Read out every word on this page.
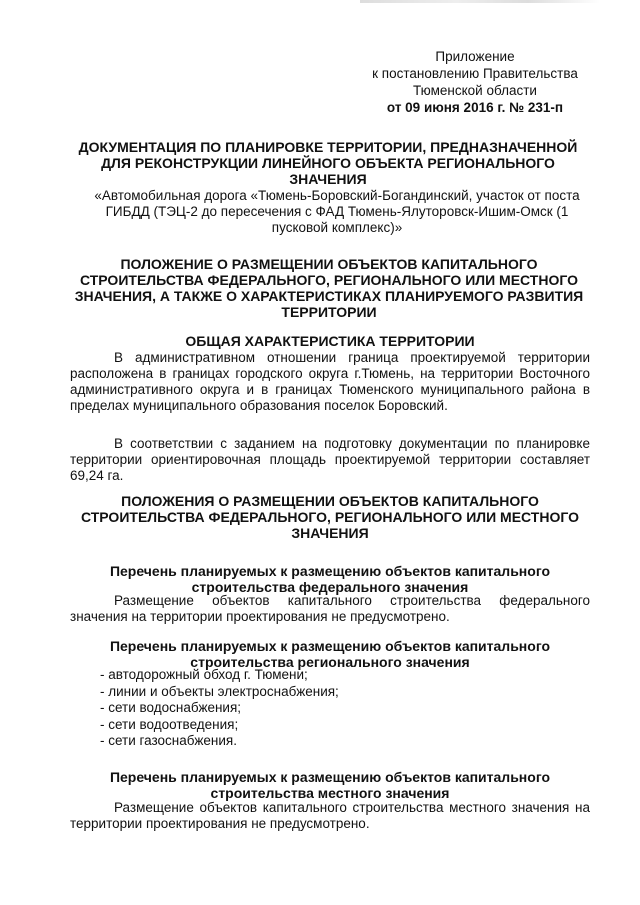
Приложение
к постановлению Правительства
Тюменской области
от 09 июня 2016 г. № 231-п
ДОКУМЕНТАЦИЯ ПО ПЛАНИРОВКЕ ТЕРРИТОРИИ, ПРЕДНАЗНАЧЕННОЙ ДЛЯ РЕКОНСТРУКЦИИ ЛИНЕЙНОГО ОБЪЕКТА РЕГИОНАЛЬНОГО ЗНАЧЕНИЯ
«Автомобильная дорога «Тюмень-Боровский-Богандинский, участок от поста ГИБДД (ТЭЦ-2 до пересечения с ФАД Тюмень-Ялуторовск-Ишим-Омск (1 пусковой комплекс)»
ПОЛОЖЕНИЕ О РАЗМЕЩЕНИИ ОБЪЕКТОВ КАПИТАЛЬНОГО СТРОИТЕЛЬСТВА ФЕДЕРАЛЬНОГО, РЕГИОНАЛЬНОГО ИЛИ МЕСТНОГО ЗНАЧЕНИЯ, А ТАКЖЕ О ХАРАКТЕРИСТИКАХ ПЛАНИРУЕМОГО РАЗВИТИЯ ТЕРРИТОРИИ
ОБЩАЯ ХАРАКТЕРИСТИКА ТЕРРИТОРИИ
В административном отношении граница проектируемой территории расположена в границах городского округа г.Тюмень, на территории Восточного административного округа и в границах Тюменского муниципального района в пределах муниципального образования поселок Боровский.
В соответствии с заданием на подготовку документации по планировке территории ориентировочная площадь проектируемой территории составляет 69,24 га.
ПОЛОЖЕНИЯ О РАЗМЕЩЕНИИ ОБЪЕКТОВ КАПИТАЛЬНОГО СТРОИТЕЛЬСТВА ФЕДЕРАЛЬНОГО, РЕГИОНАЛЬНОГО ИЛИ МЕСТНОГО ЗНАЧЕНИЯ
Перечень планируемых к размещению объектов капитального строительства федерального значения
Размещение объектов капитального строительства федерального значения на территории проектирования не предусмотрено.
Перечень планируемых к размещению объектов капитального строительства регионального значения
- автодорожный обход г. Тюмени;
- линии и объекты электроснабжения;
- сети водоснабжения;
- сети водоотведения;
- сети газоснабжения.
Перечень планируемых к размещению объектов капитального строительства местного значения
Размещение объектов капитального строительства местного значения на территории проектирования не предусмотрено.
